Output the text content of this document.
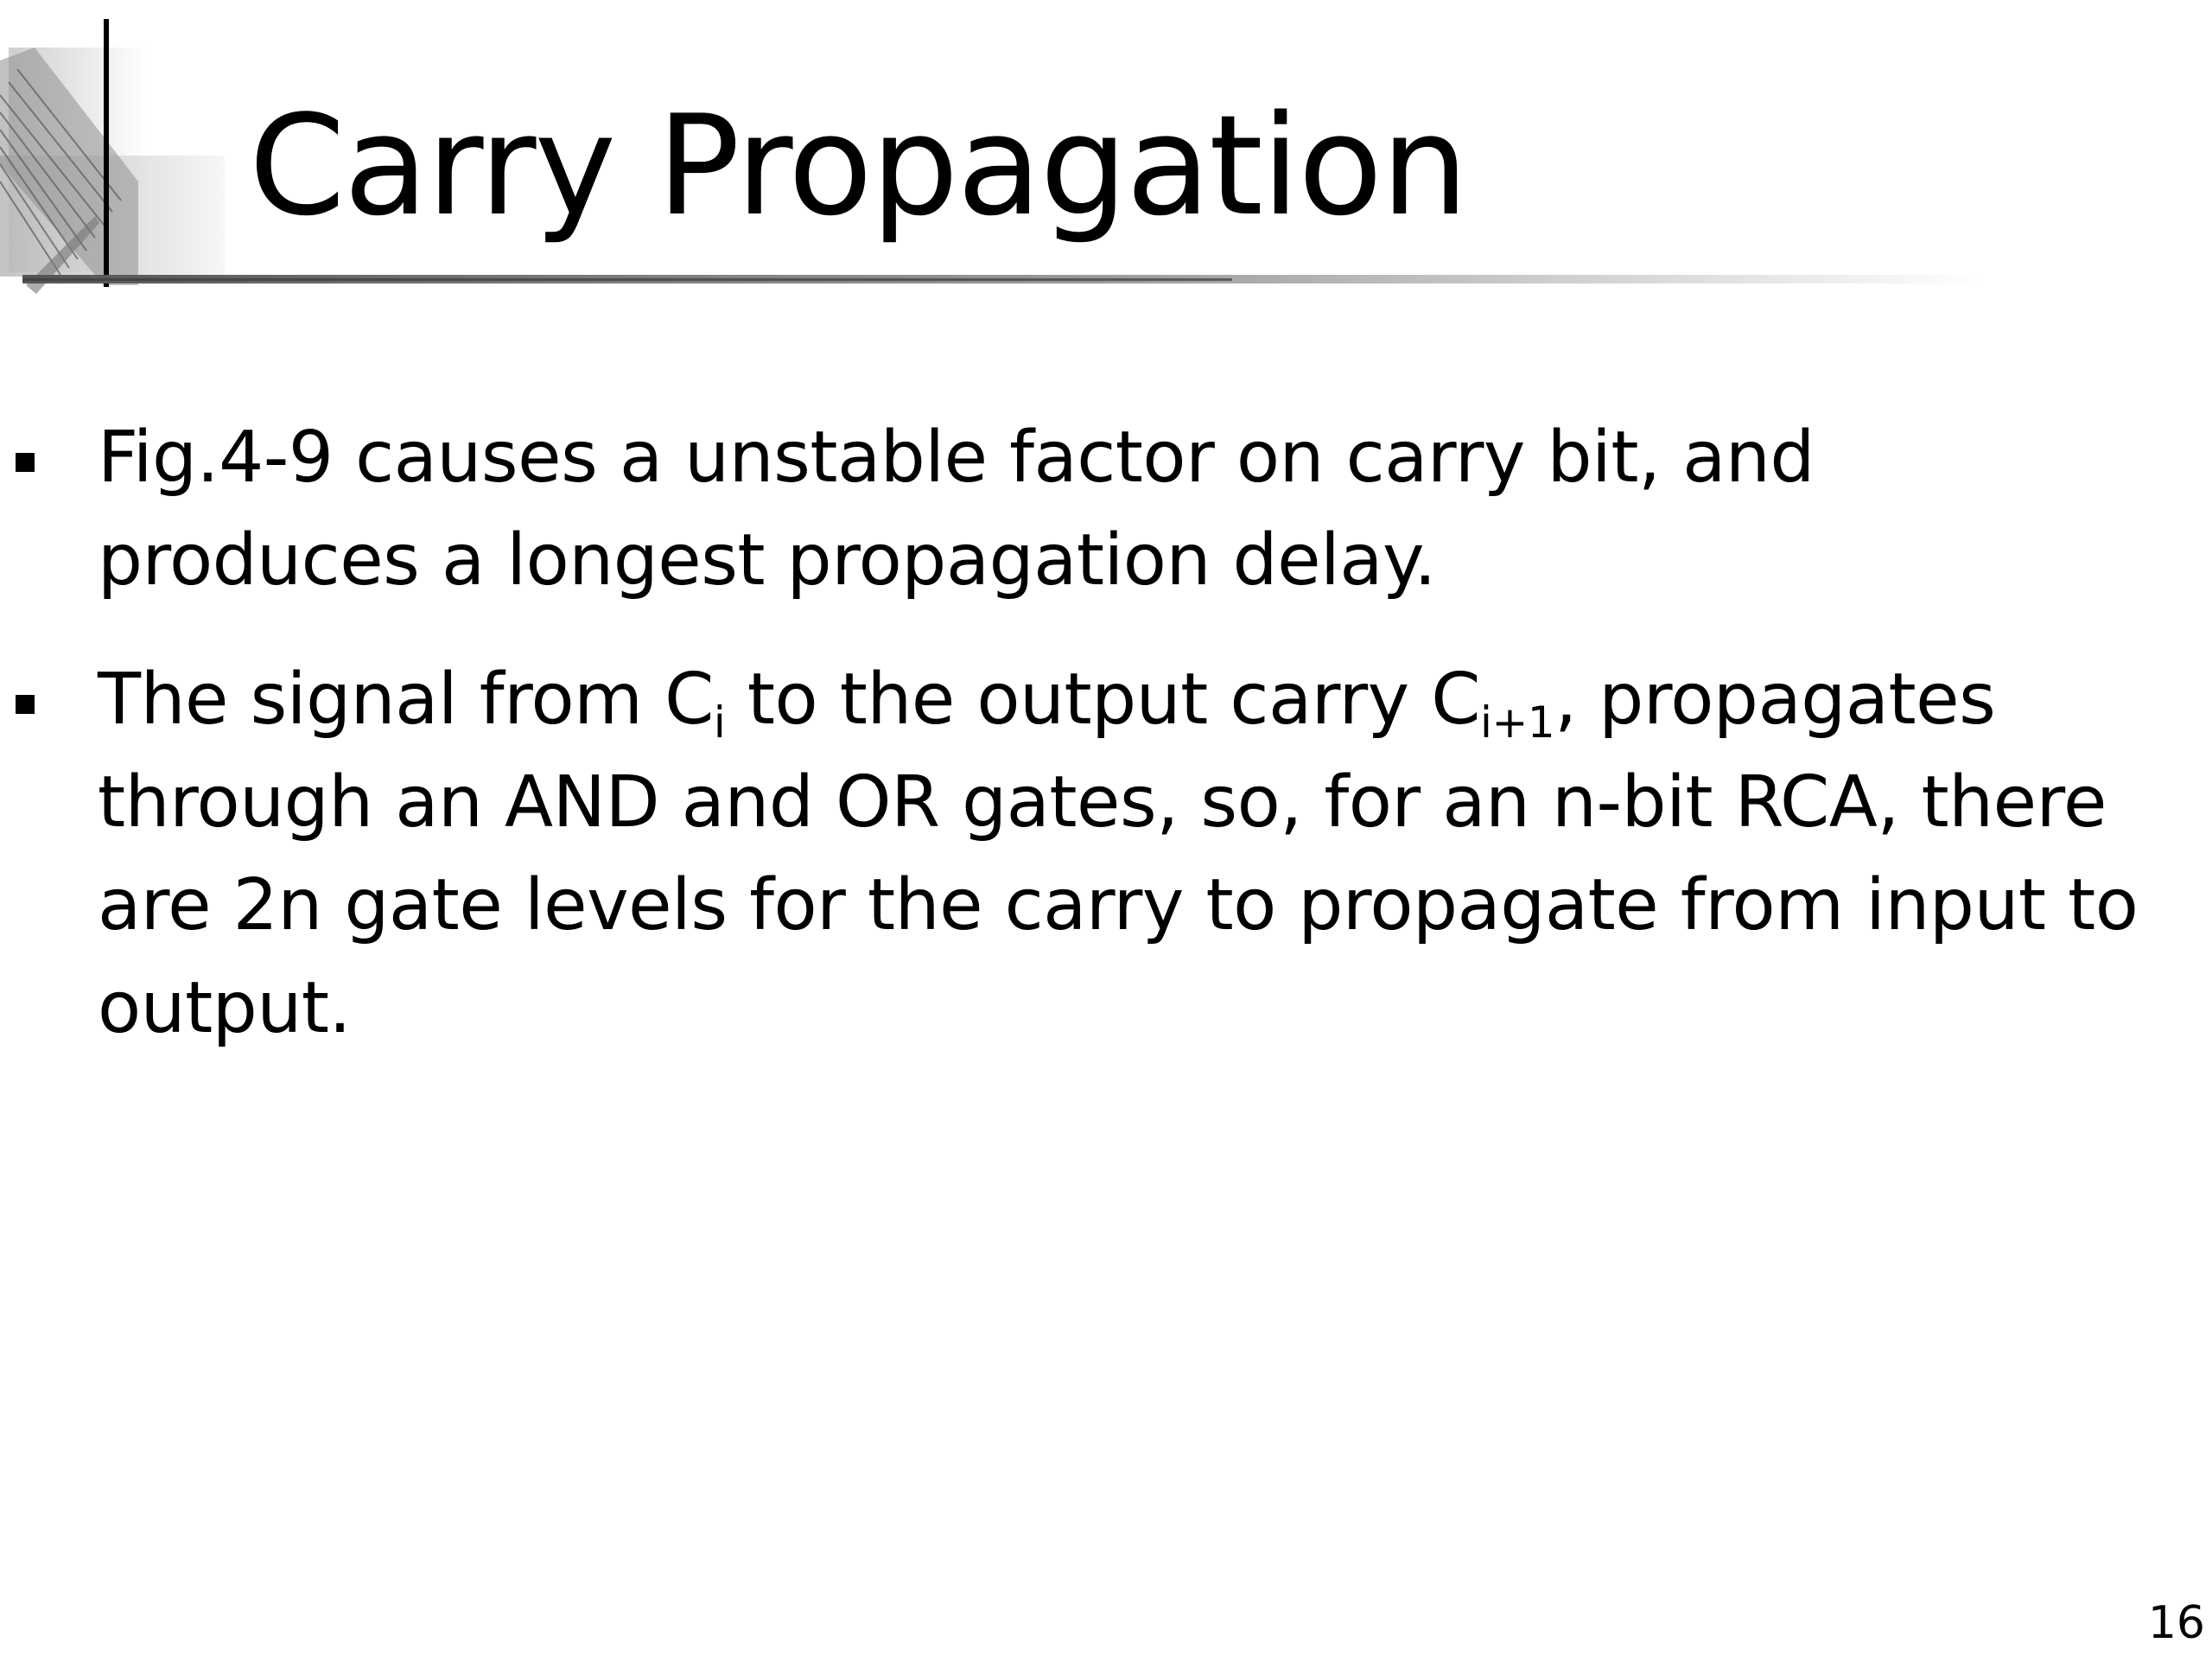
Carry Propagation
Fig.4-9 causes a unstable factor on carry bit, and produces a longest propagation delay.
The signal from $C_i$ to the output carry $C_{i+1}$, propagates through an AND and OR gates, so, for an n-bit RCA, there are 2n gate levels for the carry to propagate from input to output.
16
